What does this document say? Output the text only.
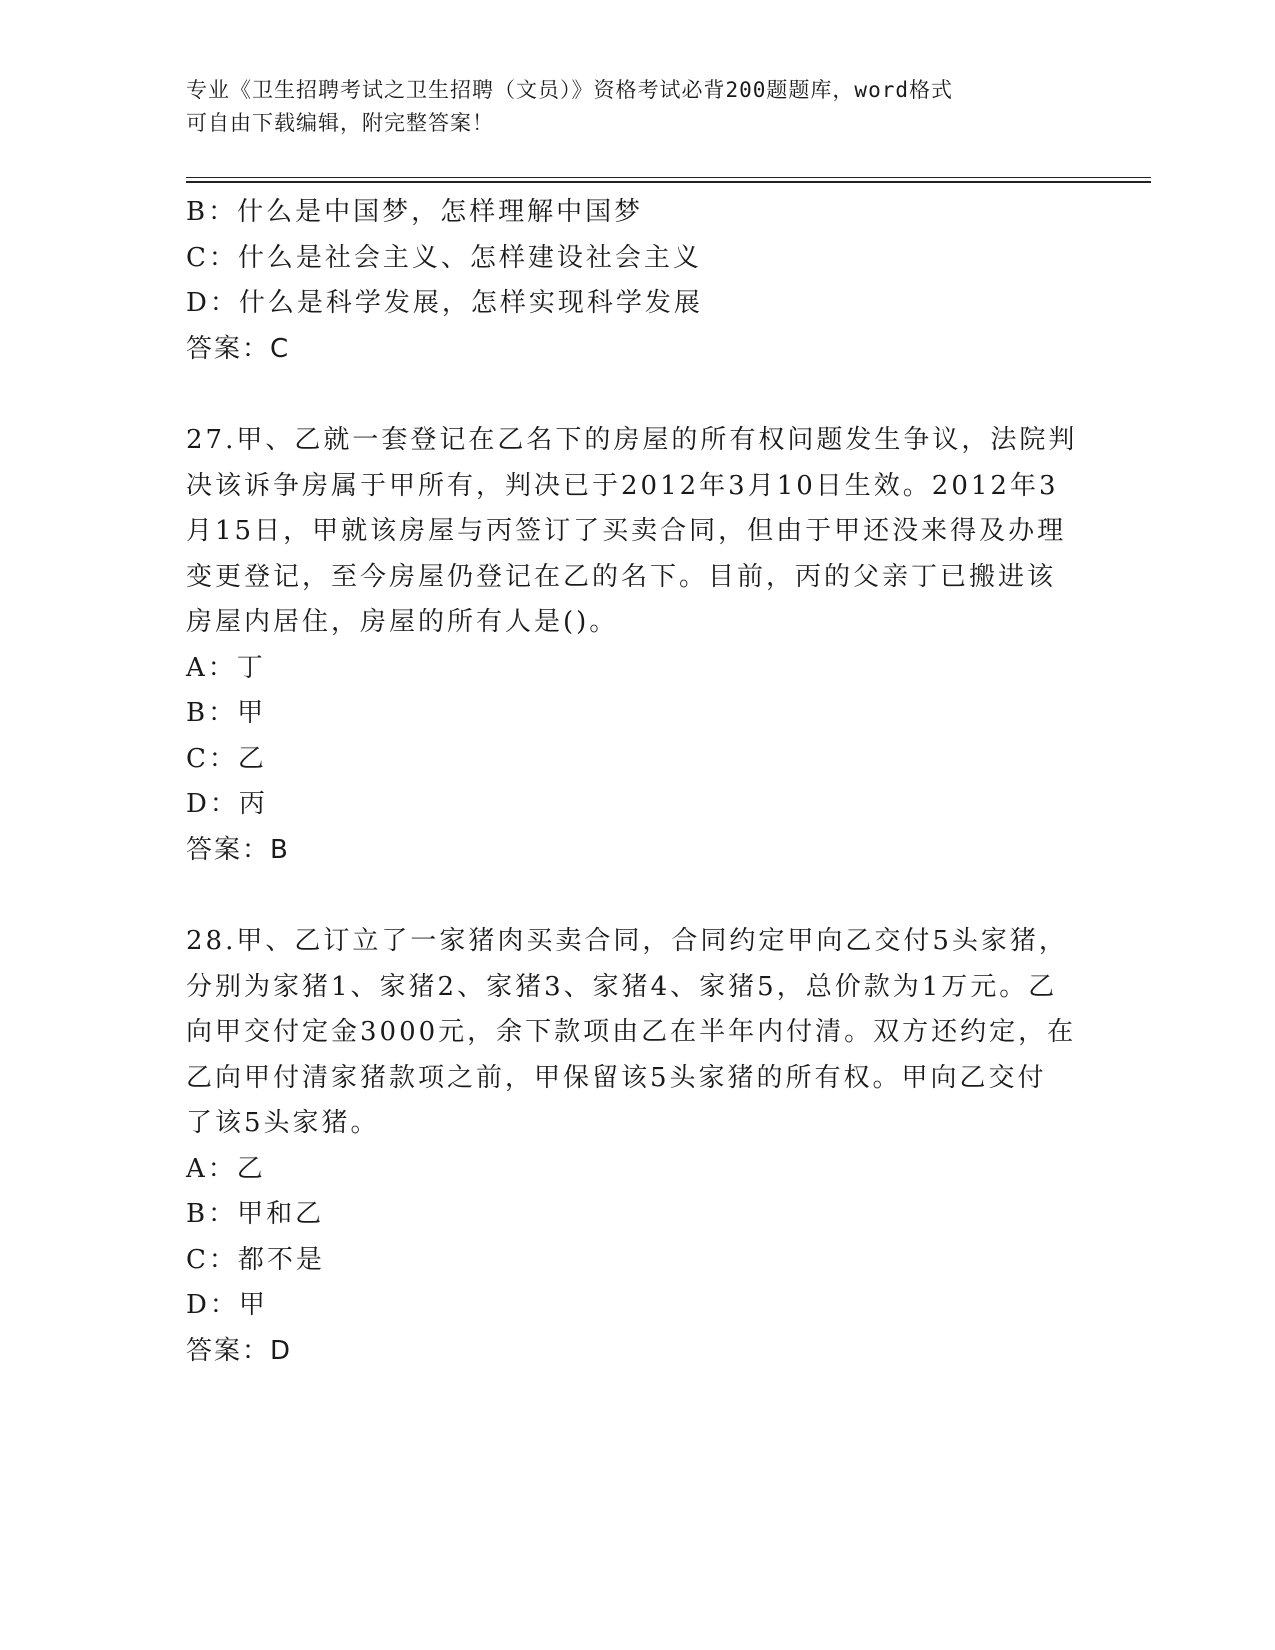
专业《卫生招聘考试之卫生招聘（文员）》资格考试必背200题题库，word格式
可自由下载编辑，附完整答案！
B：什么是中国梦，怎样理解中国梦
C：什么是社会主义、怎样建设社会主义
D：什么是科学发展，怎样实现科学发展
答案：C
27.甲、乙就一套登记在乙名下的房屋的所有权问题发生争议，法院判
决该诉争房属于甲所有，判决已于2012年3月10日生效。2012年3
月15日，甲就该房屋与丙签订了买卖合同，但由于甲还没来得及办理
变更登记，至今房屋仍登记在乙的名下。目前，丙的父亲丁已搬进该
房屋内居住，房屋的所有人是()。
A：丁
B：甲
C：乙
D：丙
答案：B
28.甲、乙订立了一家猪肉买卖合同，合同约定甲向乙交付5头家猪，
分别为家猪1、家猪2、家猪3、家猪4、家猪5，总价款为1万元。乙
向甲交付定金3000元，余下款项由乙在半年内付清。双方还约定，在
乙向甲付清家猪款项之前，甲保留该5头家猪的所有权。甲向乙交付
了该5头家猪。
A：乙
B：甲和乙
C：都不是
D：甲
答案：D
